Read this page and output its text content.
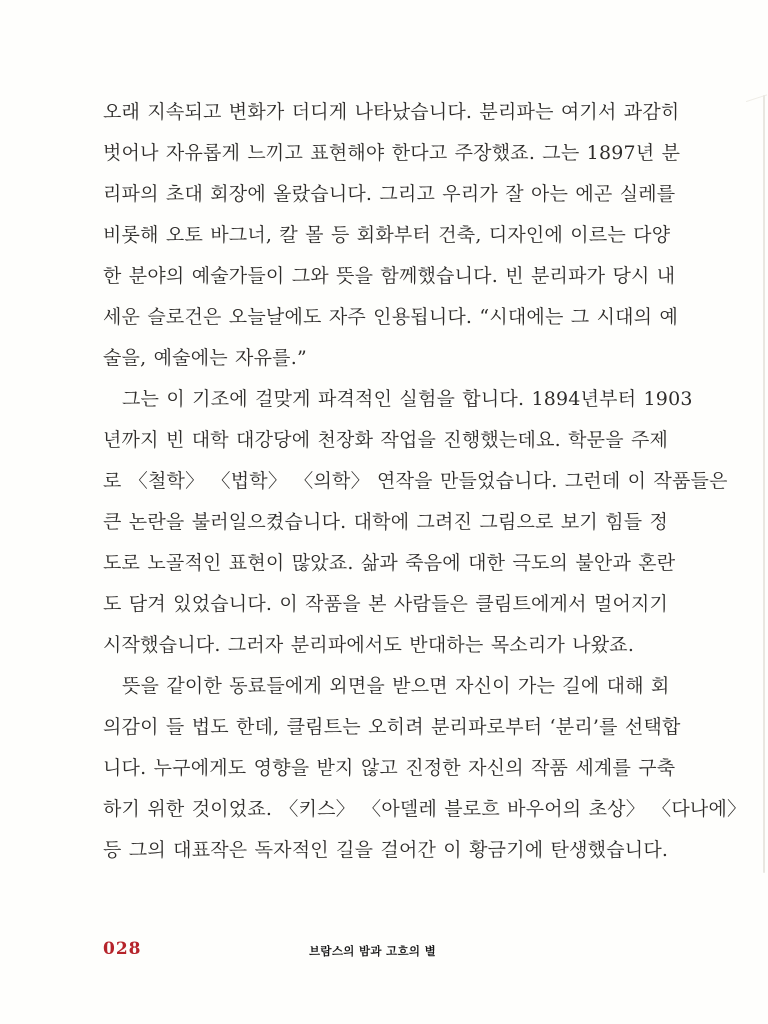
오래 지속되고 변화가 더디게 나타났습니다. 분리파는 여기서 과감히
벗어나 자유롭게 느끼고 표현해야 한다고 주장했죠. 그는 1897년 분
리파의 초대 회장에 올랐습니다. 그리고 우리가 잘 아는 에곤 실레를
비롯해 오토 바그너, 칼 몰 등 회화부터 건축, 디자인에 이르는 다양
한 분야의 예술가들이 그와 뜻을 함께했습니다. 빈 분리파가 당시 내
세운 슬로건은 오늘날에도 자주 인용됩니다. “시대에는 그 시대의 예
술을, 예술에는 자유를.”
그는 이 기조에 걸맞게 파격적인 실험을 합니다. 1894년부터 1903
년까지 빈 대학 대강당에 천장화 작업을 진행했는데요. 학문을 주제
로 〈철학〉 〈법학〉 〈의학〉 연작을 만들었습니다. 그런데 이 작품들은
큰 논란을 불러일으켰습니다. 대학에 그려진 그림으로 보기 힘들 정
도로 노골적인 표현이 많았죠. 삶과 죽음에 대한 극도의 불안과 혼란
도 담겨 있었습니다. 이 작품을 본 사람들은 클림트에게서 멀어지기
시작했습니다. 그러자 분리파에서도 반대하는 목소리가 나왔죠.
뜻을 같이한 동료들에게 외면을 받으면 자신이 가는 길에 대해 회
의감이 들 법도 한데, 클림트는 오히려 분리파로부터 ‘분리’를 선택합
니다. 누구에게도 영향을 받지 않고 진정한 자신의 작품 세계를 구축
하기 위한 것이었죠. 〈키스〉 〈아델레 블로흐 바우어의 초상〉 〈다나에〉
등 그의 대표작은 독자적인 길을 걸어간 이 황금기에 탄생했습니다.
028	브람스의 밤과 고흐의 별
